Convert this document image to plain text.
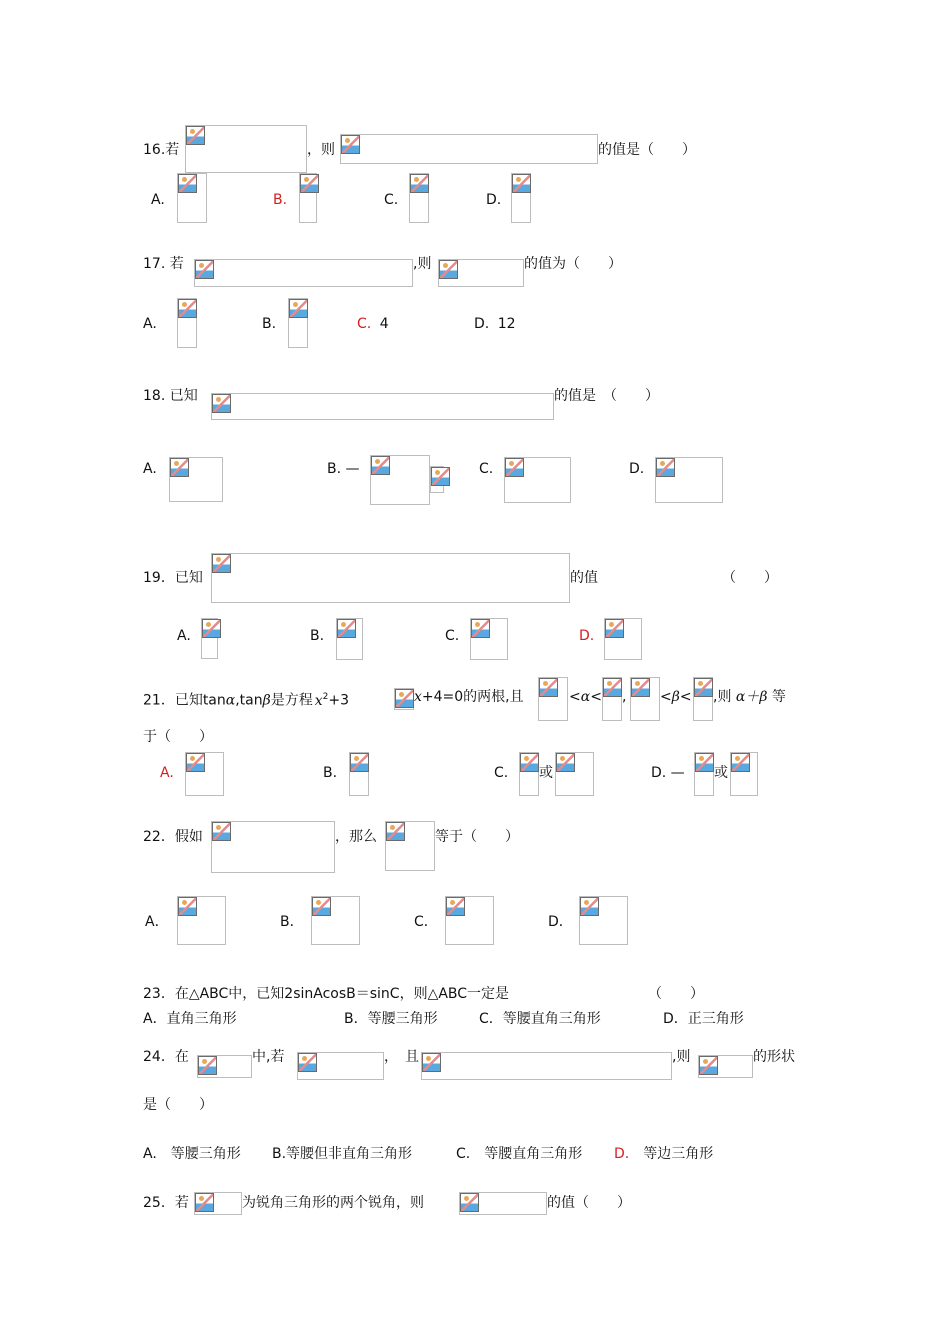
16.若	，则	的值是（　　）
A.	B.	C.	D.
17. 若	,则	的值为（　　）
A.	B.	C. 4	D. 12
18. 已知	的值是　（　　）
A.	B. —	C.	D.
19．已知	的值	（　　）
A.	B.	C.	D.
21．已知tanα,tanβ是方程 $x^2+3$	x+4=0的两根,且	<α< , <β< ,则 α＋β 等
于（　　）
A.	B.	C. 或	D. — 或
22．假如	，那么	等于（　　）
A．	B．	C．	D．
23．在△ABC中，已知2sinAcosB＝sinC，则△ABC一定是	（　　）
A．直角三角形	B．等腰三角形	C．等腰直角三角形	D．正三角形
24．在	中,若	，　且	,则	的形状
是（　　）
A.　等腰三角形 B.等腰但非直角三角形	C.　等腰直角三角形 D.　等边三角形
25．若	为锐角三角形的两个锐角，则	的值（　　）
